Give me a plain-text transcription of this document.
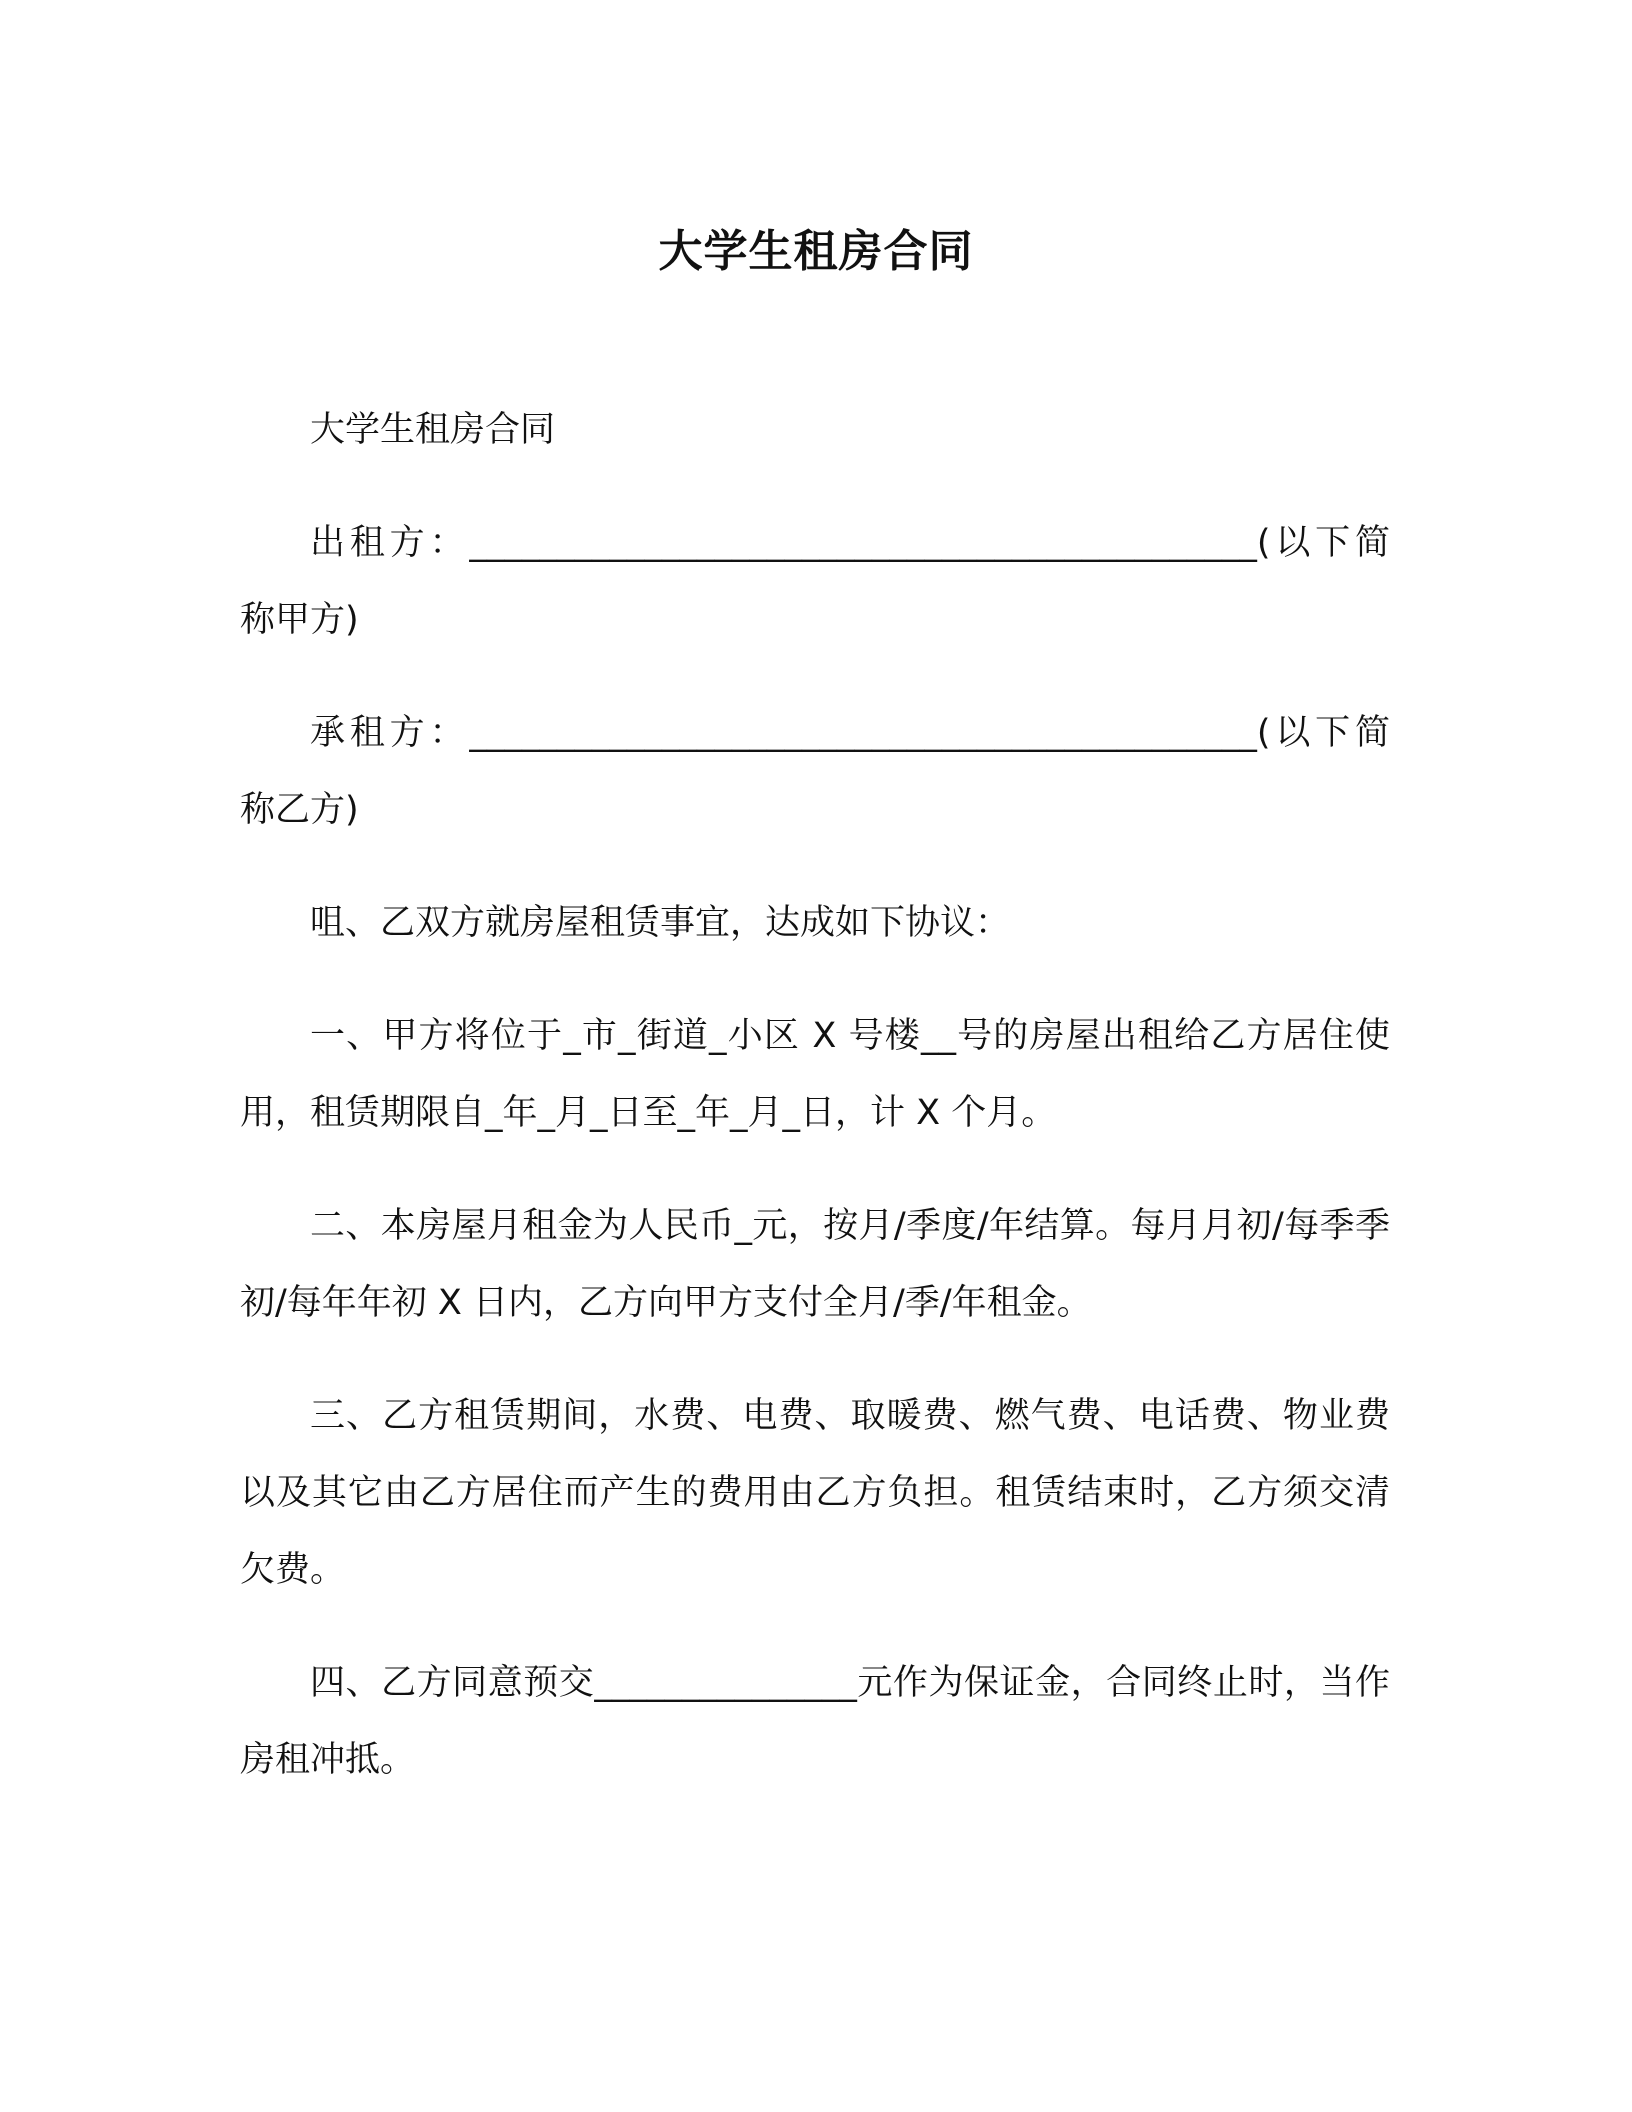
大学生租房合同

大学生租房合同

出租方：_____________________________________________(以下简称甲方)

承租方：_____________________________________________(以下简称乙方)

咀、乙双方就房屋租赁事宜，达成如下协议：

一、甲方将位于_市_街道_小区 X 号楼__号的房屋出租给乙方居住使用，租赁期限自_年_月_日至_年_月_日，计 X 个月。

二、本房屋月租金为人民币_元，按月/季度/年结算。每月月初/每季季初/每年年初 X 日内，乙方向甲方支付全月/季/年租金。

三、乙方租赁期间，水费、电费、取暖费、燃气费、电话费、物业费以及其它由乙方居住而产生的费用由乙方负担。租赁结束时，乙方须交清欠费。

四、乙方同意预交_______________元作为保证金，合同终止时，当作房租冲抵。
